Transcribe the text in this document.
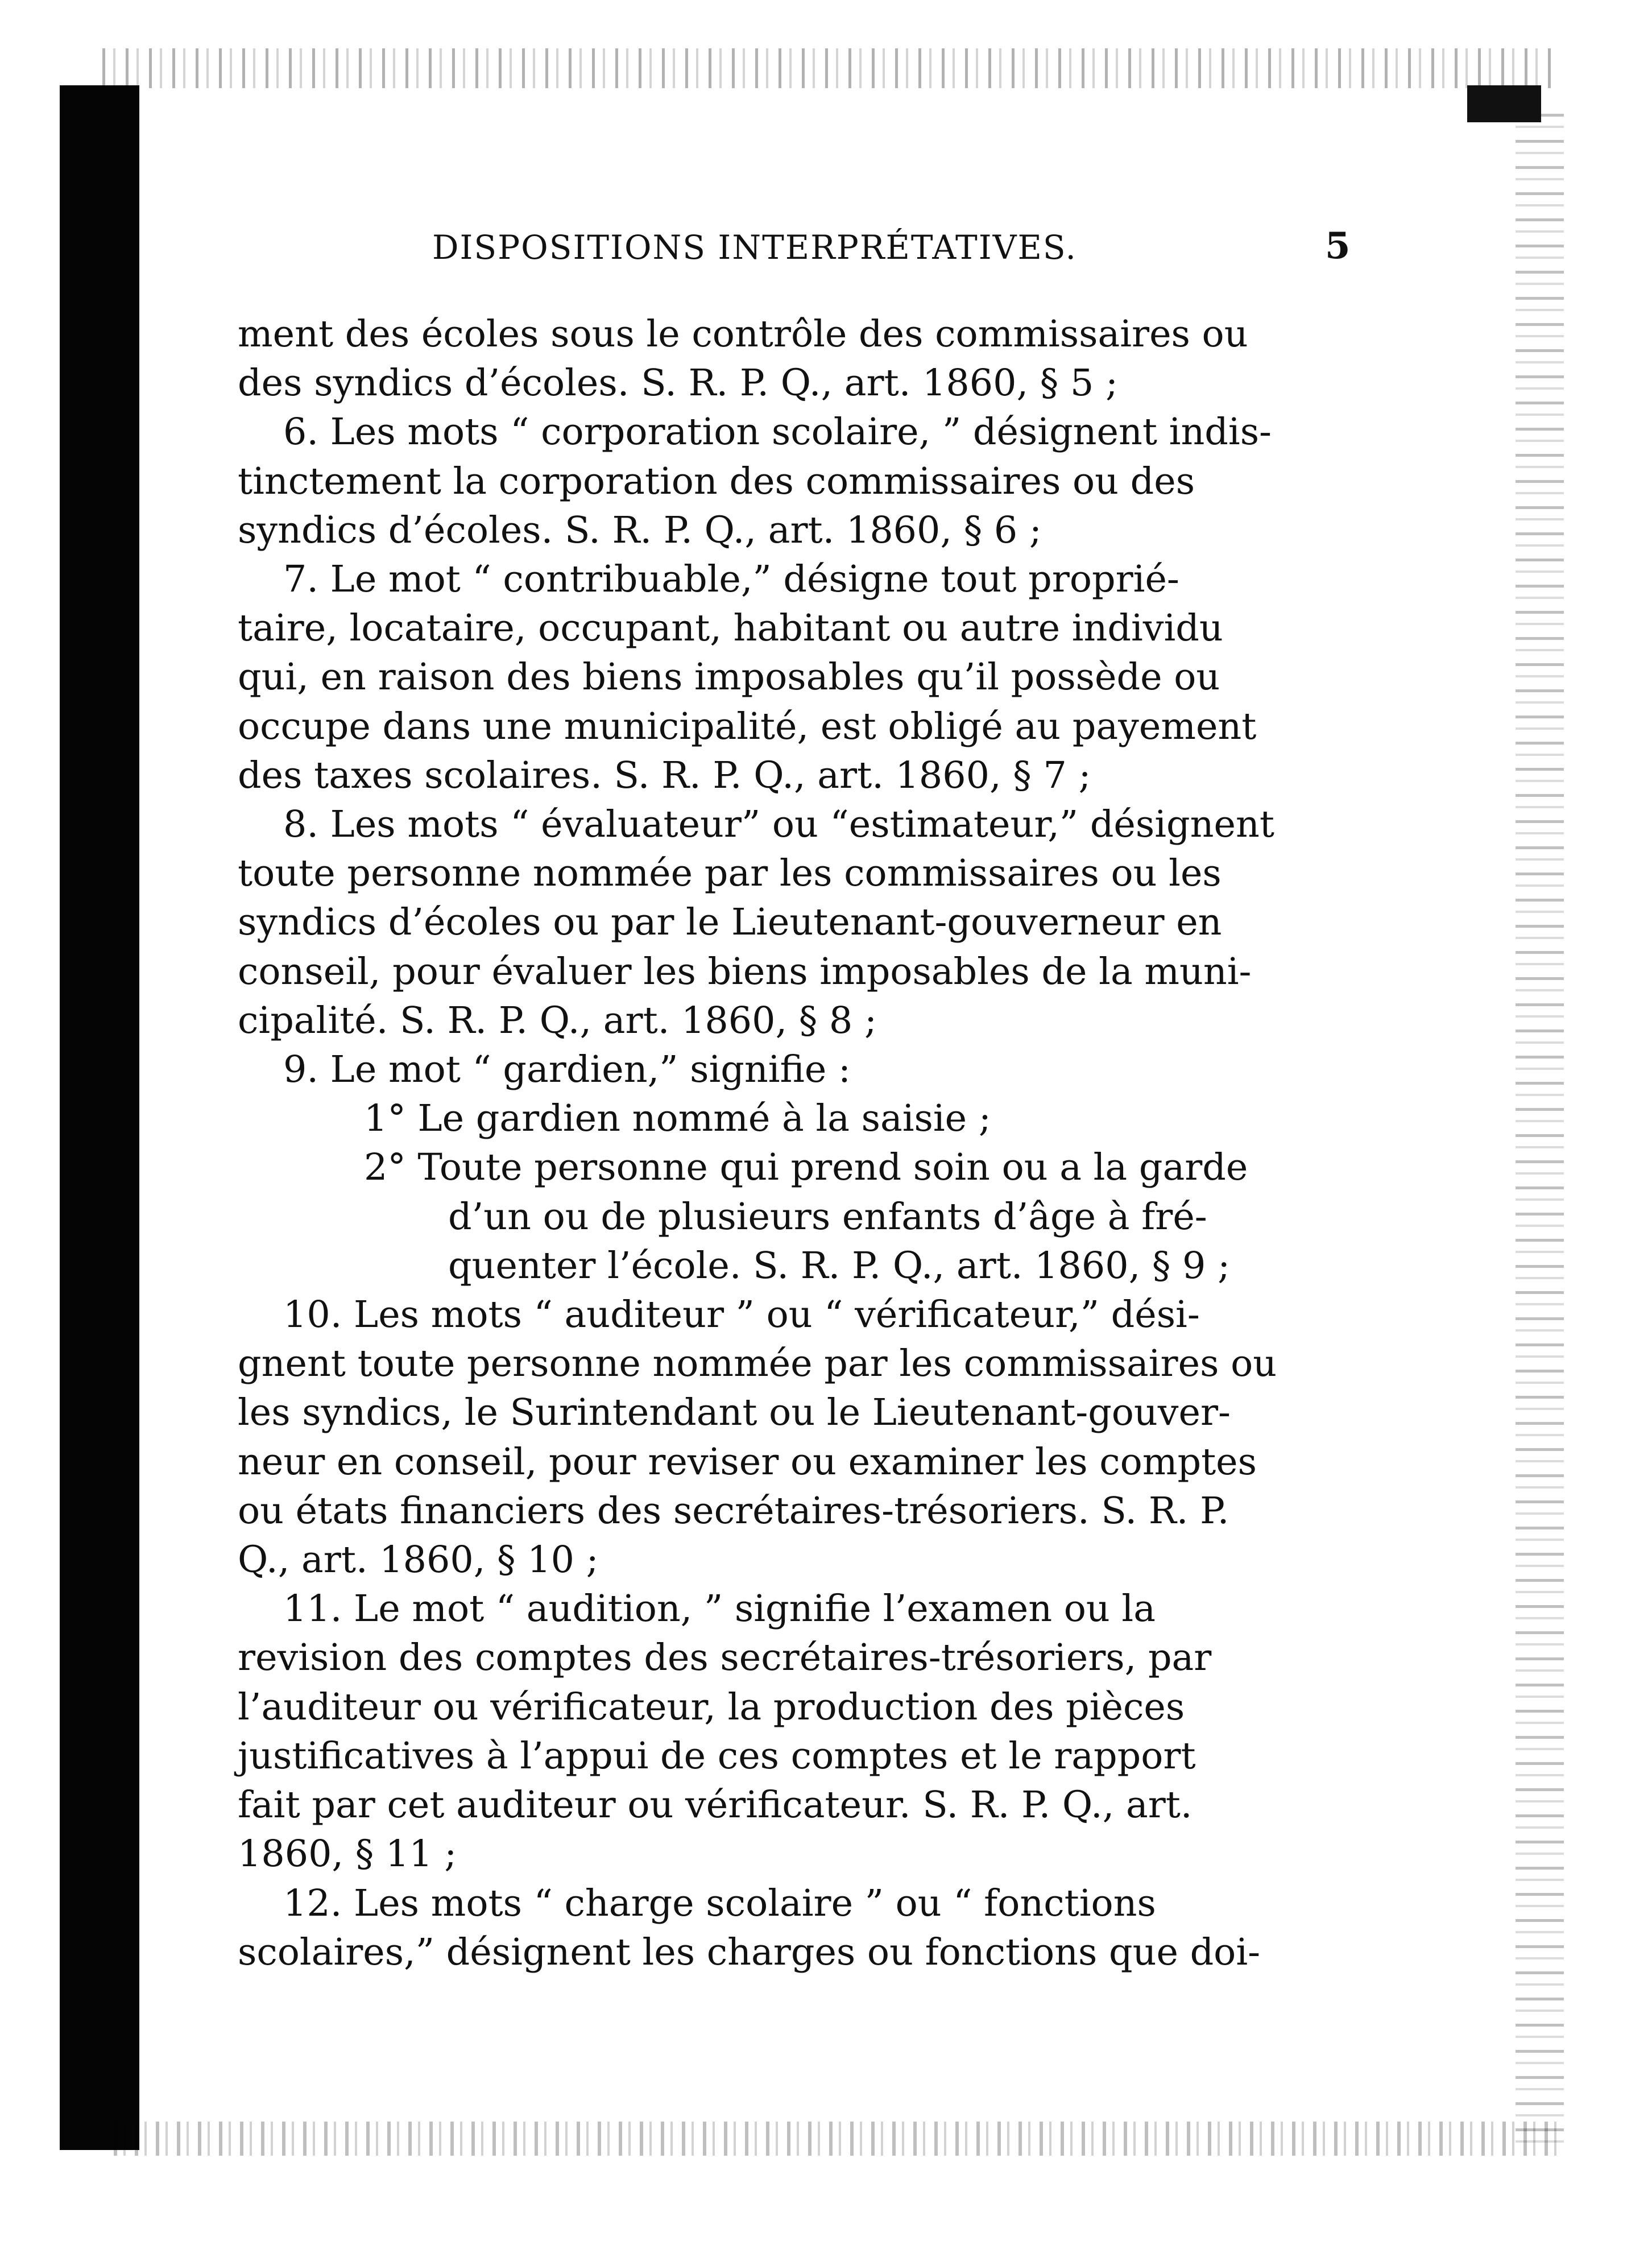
DISPOSITIONS INTERPRÉTATIVES.	5
ment des écoles sous le contrôle des commissaires ou
des syndics d’écoles. S. R. P. Q., art. 1860, § 5 ;
6. Les mots “ corporation scolaire, ” désignent indis-
tinctement la corporation des commissaires ou des
syndics d’écoles. S. R. P. Q., art. 1860, § 6 ;
7. Le mot “ contribuable,” désigne tout proprié-
taire, locataire, occupant, habitant ou autre individu
qui, en raison des biens imposables qu’il possède ou
occupe dans une municipalité, est obligé au payement
des taxes scolaires. S. R. P. Q., art. 1860, § 7 ;
8. Les mots “ évaluateur” ou “estimateur,” désignent
toute personne nommée par les commissaires ou les
syndics d’écoles ou par le Lieutenant-gouverneur en
conseil, pour évaluer les biens imposables de la muni-
cipalité. S. R. P. Q., art. 1860, § 8 ;
9. Le mot “ gardien,” signifie :
1° Le gardien nommé à la saisie ;
2° Toute personne qui prend soin ou a la garde
d’un ou de plusieurs enfants d’âge à fré-
quenter l’école. S. R. P. Q., art. 1860, § 9 ;
10. Les mots “ auditeur ” ou “ vérificateur,” dési-
gnent toute personne nommée par les commissaires ou
les syndics, le Surintendant ou le Lieutenant-gouver-
neur en conseil, pour reviser ou examiner les comptes
ou états financiers des secrétaires-trésoriers. S. R. P.
Q., art. 1860, § 10 ;
11. Le mot “ audition, ” signifie l’examen ou la
revision des comptes des secrétaires-trésoriers, par
l’auditeur ou vérificateur, la production des pièces
justificatives à l’appui de ces comptes et le rapport
fait par cet auditeur ou vérificateur. S. R. P. Q., art.
1860, § 11 ;
12. Les mots “ charge scolaire ” ou “ fonctions
scolaires,” désignent les charges ou fonctions que doi-
